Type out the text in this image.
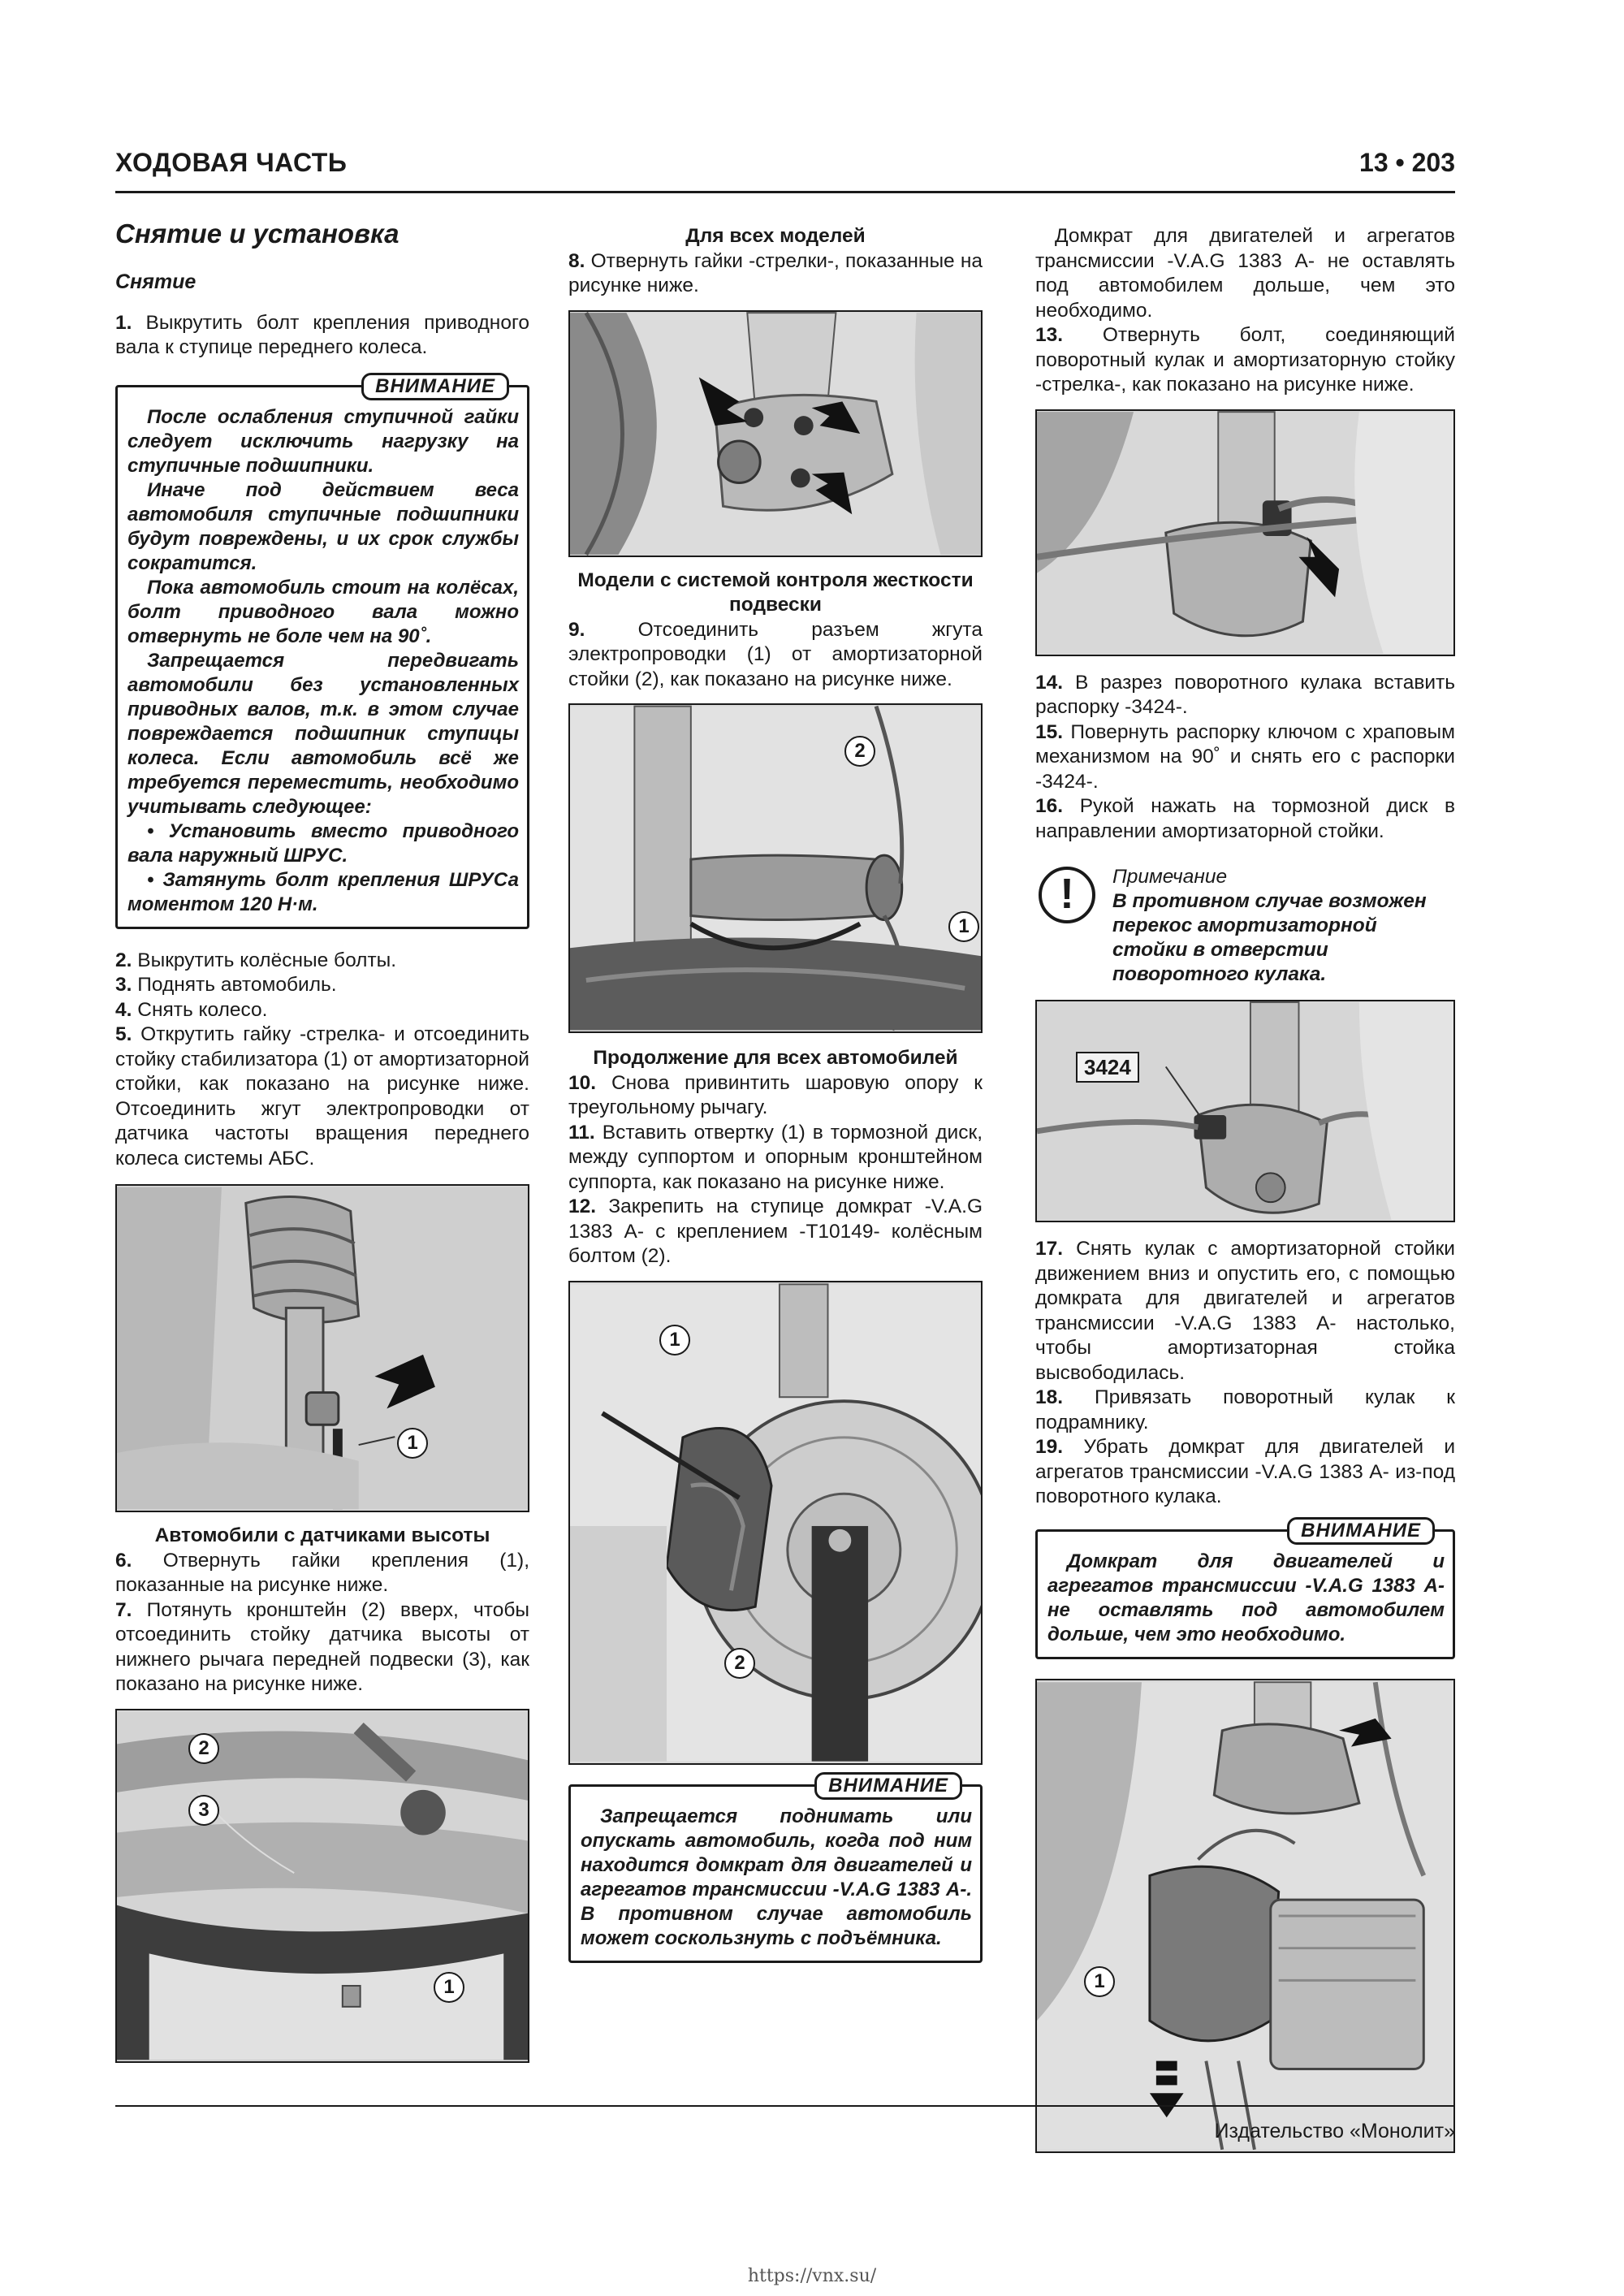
ХОДОВАЯ ЧАСТЬ	13 • 203
Снятие и установка
Снятие

1. Выкрутить болт крепления приводного вала к ступице переднего колеса.

ВНИМАНИЕ

После ослабления ступичной гайки следует исключить нагрузку на ступичные подшипники.

Иначе под действием веса автомобиля ступичные подшипники будут повреждены, и их срок службы сократится.

Пока автомобиль стоит на колёсах, болт приводного вала можно отвернуть не боле чем на 90˚.

Запрещается передвигать автомобили без установленных приводных валов, т.к. в этом случае повреждается подшипник ступицы колеса. Если автомобиль всё же требуется переместить, необходимо учитывать следующее:

• Установить вместо приводного вала наружный ШРУС.

• Затянуть болт крепления ШРУСа моментом 120 Н·м.

2. Выкрутить колёсные болты.

3. Поднять автомобиль.

4. Снять колесо.

5. Открутить гайку -стрелка- и отсоединить стойку стабилизатора (1) от амортизаторной стойки, как показано на рисунке ниже. Отсоединить жгут электропроводки от датчика частоты вращения переднего колеса системы АБС.

1

Автомобили с датчиками высоты

6. Отвернуть гайки крепления (1), показанные на рисунке ниже.

7. Потянуть кронштейн (2) вверх, чтобы отсоединить стойку датчика высоты от нижнего рычага передней подвески (3), как показано на рисунке ниже.

2
3
1

Для всех моделей

8. Отвернуть гайки -стрелки-, показанные на рисунке ниже.

Модели с системой контроля жесткости подвески

9.	Отсоединить разъем жгута электропроводки (1) от амортизаторной стойки (2), как показано на рисунке ниже.

2
1

Продолжение для всех автомобилей

10. Снова привинтить шаровую опору к треугольному рычагу.

11. Вставить отвертку (1) в тормозной диск, между суппортом и опорным кронштейном суппорта, как показано на рисунке ниже.

12. Закрепить на ступице домкрат -V.A.G 1383 А- с креплением -T10149- колёсным болтом (2).

1
2
ВНИМАНИЕ

Запрещается поднимать или опускать автомобиль, когда под ним находится домкрат для двигателей и агрегатов трансмиссии -V.A.G 1383 А-. В противном случае автомобиль может соскользнуть с подъёмника.

Домкрат для двигателей и агрегатов трансмиссии -V.A.G 1383 А- не оставлять под автомобилем дольше, чем это необходимо.

13. Отвернуть болт, соединяющий поворотный кулак и амортизаторную стойку -стрелка-, как показано на рисунке ниже.

14. В разрез поворотного кулака вставить распорку -3424-.

15. Повернуть распорку ключом с храповым механизмом на 90˚ и снять его с распорки -3424-.

16. Рукой нажать на тормозной диск в направлении амортизаторной стойки.

!	Примечание
В противном случае возможен перекос амортизаторной стойки в отверстии поворотного кулака.
3424

17. Снять кулак с амортизаторной стойки движением вниз и опустить его, с помощью домкрата для двигателей и агрегатов трансмиссии -V.A.G 1383 А- настолько, чтобы амортизаторная стойка высвободилась.

18. Привязать поворотный кулак к подрамнику.

19. Убрать домкрат для двигателей и агрегатов трансмиссии -V.A.G 1383 А- из-под поворотного кулака.

ВНИМАНИЕ

Домкрат для двигателей и агрегатов трансмиссии -V.A.G 1383 А- не оставлять под автомобилем дольше, чем это необходимо.

1
Издательство «Монолит»
https://vnx.su/
